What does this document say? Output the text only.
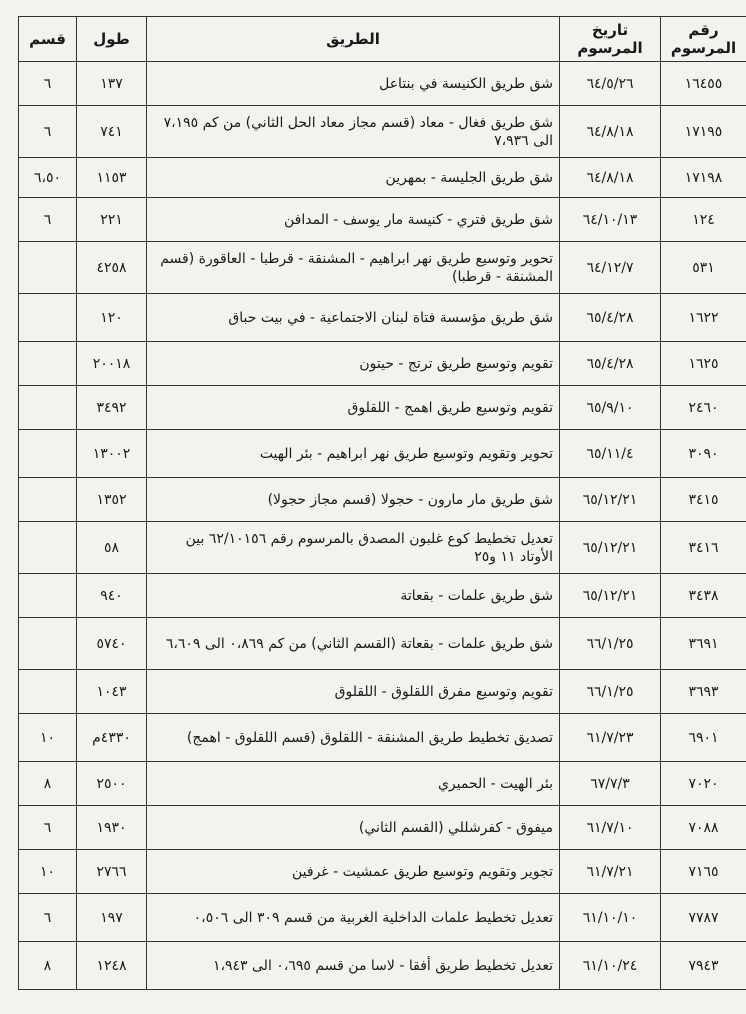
رقم المرسوم	تاريخ المرسوم	الطريق	طول	قسم
١٦٤٥٥	٦٤/٥/٢٦	شق طريق الكنيسة في بنتاعل	١٣٧	٦
١٧١٩٥	٦٤/٨/١٨	شق طريق فغال - معاد (قسم مجاز معاد الحل الثاني) من كم ٧،١٩٥ الى ٧،٩٣٦	٧٤١	٦
١٧١٩٨	٦٤/٨/١٨	شق طريق الجليسة - بمهرين	١١٥٣	٦،٥٠
١٢٤	٦٤/١٠/١٣	شق طريق فتري - كنيسة مار يوسف - المدافن	٢٢١	٦
٥٣١	٦٤/١٢/٧	تحوير وتوسيع طريق نهر ابراهيم - المشنقة - قرطبا - العاقورة (قسم المشنقة - قرطبا)	٤٢٥٨	
١٦٢٢	٦٥/٤/٢٨	شق طريق مؤسسة فتاة لبنان الاجتماعية - في بيت حباق	١٢٠	
١٦٢٥	٦٥/٤/٢٨	تقويم وتوسيع طريق ترتج - حيتون	٢٠٠١٨	
٢٤٦٠	٦٥/٩/١٠	تقويم وتوسيع طريق اهمج - اللقلوق	٣٤٩٢	
٣٠٩٠	٦٥/١١/٤	تحوير وتقويم وتوسيع طريق نهر ابراهيم - بئر الهيت	١٣٠٠٢	
٣٤١٥	٦٥/١٢/٢١	شق طريق مار مارون - حجولا (قسم مجاز حجولا)	١٣٥٢	
٣٤١٦	٦٥/١٢/٢١	تعديل تخطيط كوع غلبون المصدق بالمرسوم رقم ٦٢/١٠١٥٦ بين الأوتاد ١١ و٢٥	٥٨	
٣٤٣٨	٦٥/١٢/٢١	شق طريق علمات - بقعاتة	٩٤٠	
٣٦٩١	٦٦/١/٢٥	شق طريق علمات - بقعاتة (القسم الثاني) من كم ٠،٨٦٩ الى ٦،٦٠٩	٥٧٤٠	
٣٦٩٣	٦٦/١/٢٥	تقويم وتوسيع مفرق اللقلوق - اللقلوق	١٠٤٣	
٦٩٠١	٦١/٧/٢٣	تصديق تخطيط طريق المشنقة - اللقلوق (قسم اللقلوق - اهمج)	٤٣٣٠م	١٠
٧٠٢٠	٦٧/٧/٣	بئر الهيت - الحميري	٢٥٠٠	٨
٧٠٨٨	٦١/٧/١٠	ميفوق - كفرشللي (القسم الثاني)	١٩٣٠	٦
٧١٦٥	٦١/٧/٢١	تجوير وتقويم وتوسيع طريق عمشيت - غرفين	٢٧٦٦	١٠
٧٧٨٧	٦١/١٠/١٠	تعديل تخطيط علمات الداخلية الغربية من قسم ٣٠٩ الى ٠،٥٠٦	١٩٧	٦
٧٩٤٣	٦١/١٠/٢٤	تعديل تخطيط طريق أفقا - لاسا من قسم ٠،٦٩٥ الى ١،٩٤٣	١٢٤٨	٨
